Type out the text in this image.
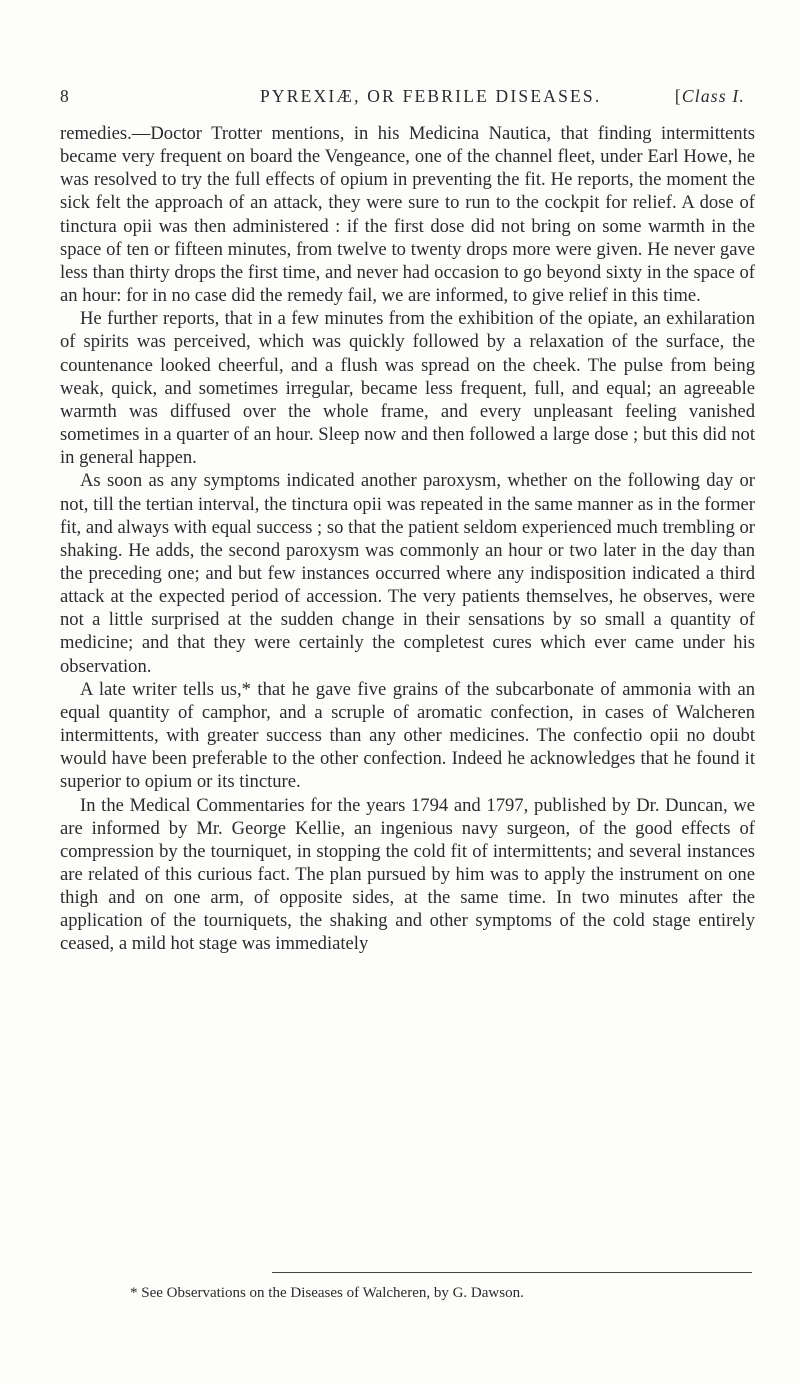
8	PYREXIÆ, OR FEBRILE DISEASES.	[Class I.

remedies.—Doctor Trotter mentions, in his Medicina Nautica, that finding intermittents became very frequent on board the Vengeance, one of the channel fleet, under Earl Howe, he was resolved to try the full effects of opium in preventing the fit. He reports, the moment the sick felt the approach of an attack, they were sure to run to the cockpit for relief. A dose of tinctura opii was then administered : if the first dose did not bring on some warmth in the space of ten or fifteen minutes, from twelve to twenty drops more were given. He never gave less than thirty drops the first time, and never had occasion to go beyond sixty in the space of an hour: for in no case did the remedy fail, we are informed, to give relief in this time.

He further reports, that in a few minutes from the exhibition of the opiate, an exhilaration of spirits was perceived, which was quickly followed by a relaxation of the surface, the countenance looked cheerful, and a flush was spread on the cheek. The pulse from being weak, quick, and sometimes irregular, became less frequent, full, and equal; an agreeable warmth was diffused over the whole frame, and every unpleasant feeling vanished sometimes in a quarter of an hour. Sleep now and then followed a large dose ; but this did not in general happen.

As soon as any symptoms indicated another paroxysm, whether on the following day or not, till the tertian interval, the tinctura opii was repeated in the same manner as in the former fit, and always with equal success ; so that the patient seldom experienced much trembling or shaking. He adds, the second paroxysm was commonly an hour or two later in the day than the preceding one; and but few instances occurred where any indisposition indicated a third attack at the expected period of accession. The very patients themselves, he observes, were not a little surprised at the sudden change in their sensations by so small a quantity of medicine; and that they were certainly the completest cures which ever came under his observation.

A late writer tells us,* that he gave five grains of the subcarbonate of ammonia with an equal quantity of camphor, and a scruple of aromatic confection, in cases of Walcheren intermittents, with greater success than any other medicines. The confectio opii no doubt would have been preferable to the other confection. Indeed he acknowledges that he found it superior to opium or its tincture.

In the Medical Commentaries for the years 1794 and 1797, published by Dr. Duncan, we are informed by Mr. George Kellie, an ingenious navy surgeon, of the good effects of compression by the tourniquet, in stopping the cold fit of intermittents; and several instances are related of this curious fact. The plan pursued by him was to apply the instrument on one thigh and on one arm, of opposite sides, at the same time. In two minutes after the application of the tourniquets, the shaking and other symptoms of the cold stage entirely ceased, a mild hot stage was immediately

* See Observations on the Diseases of Walcheren, by G. Dawson.
